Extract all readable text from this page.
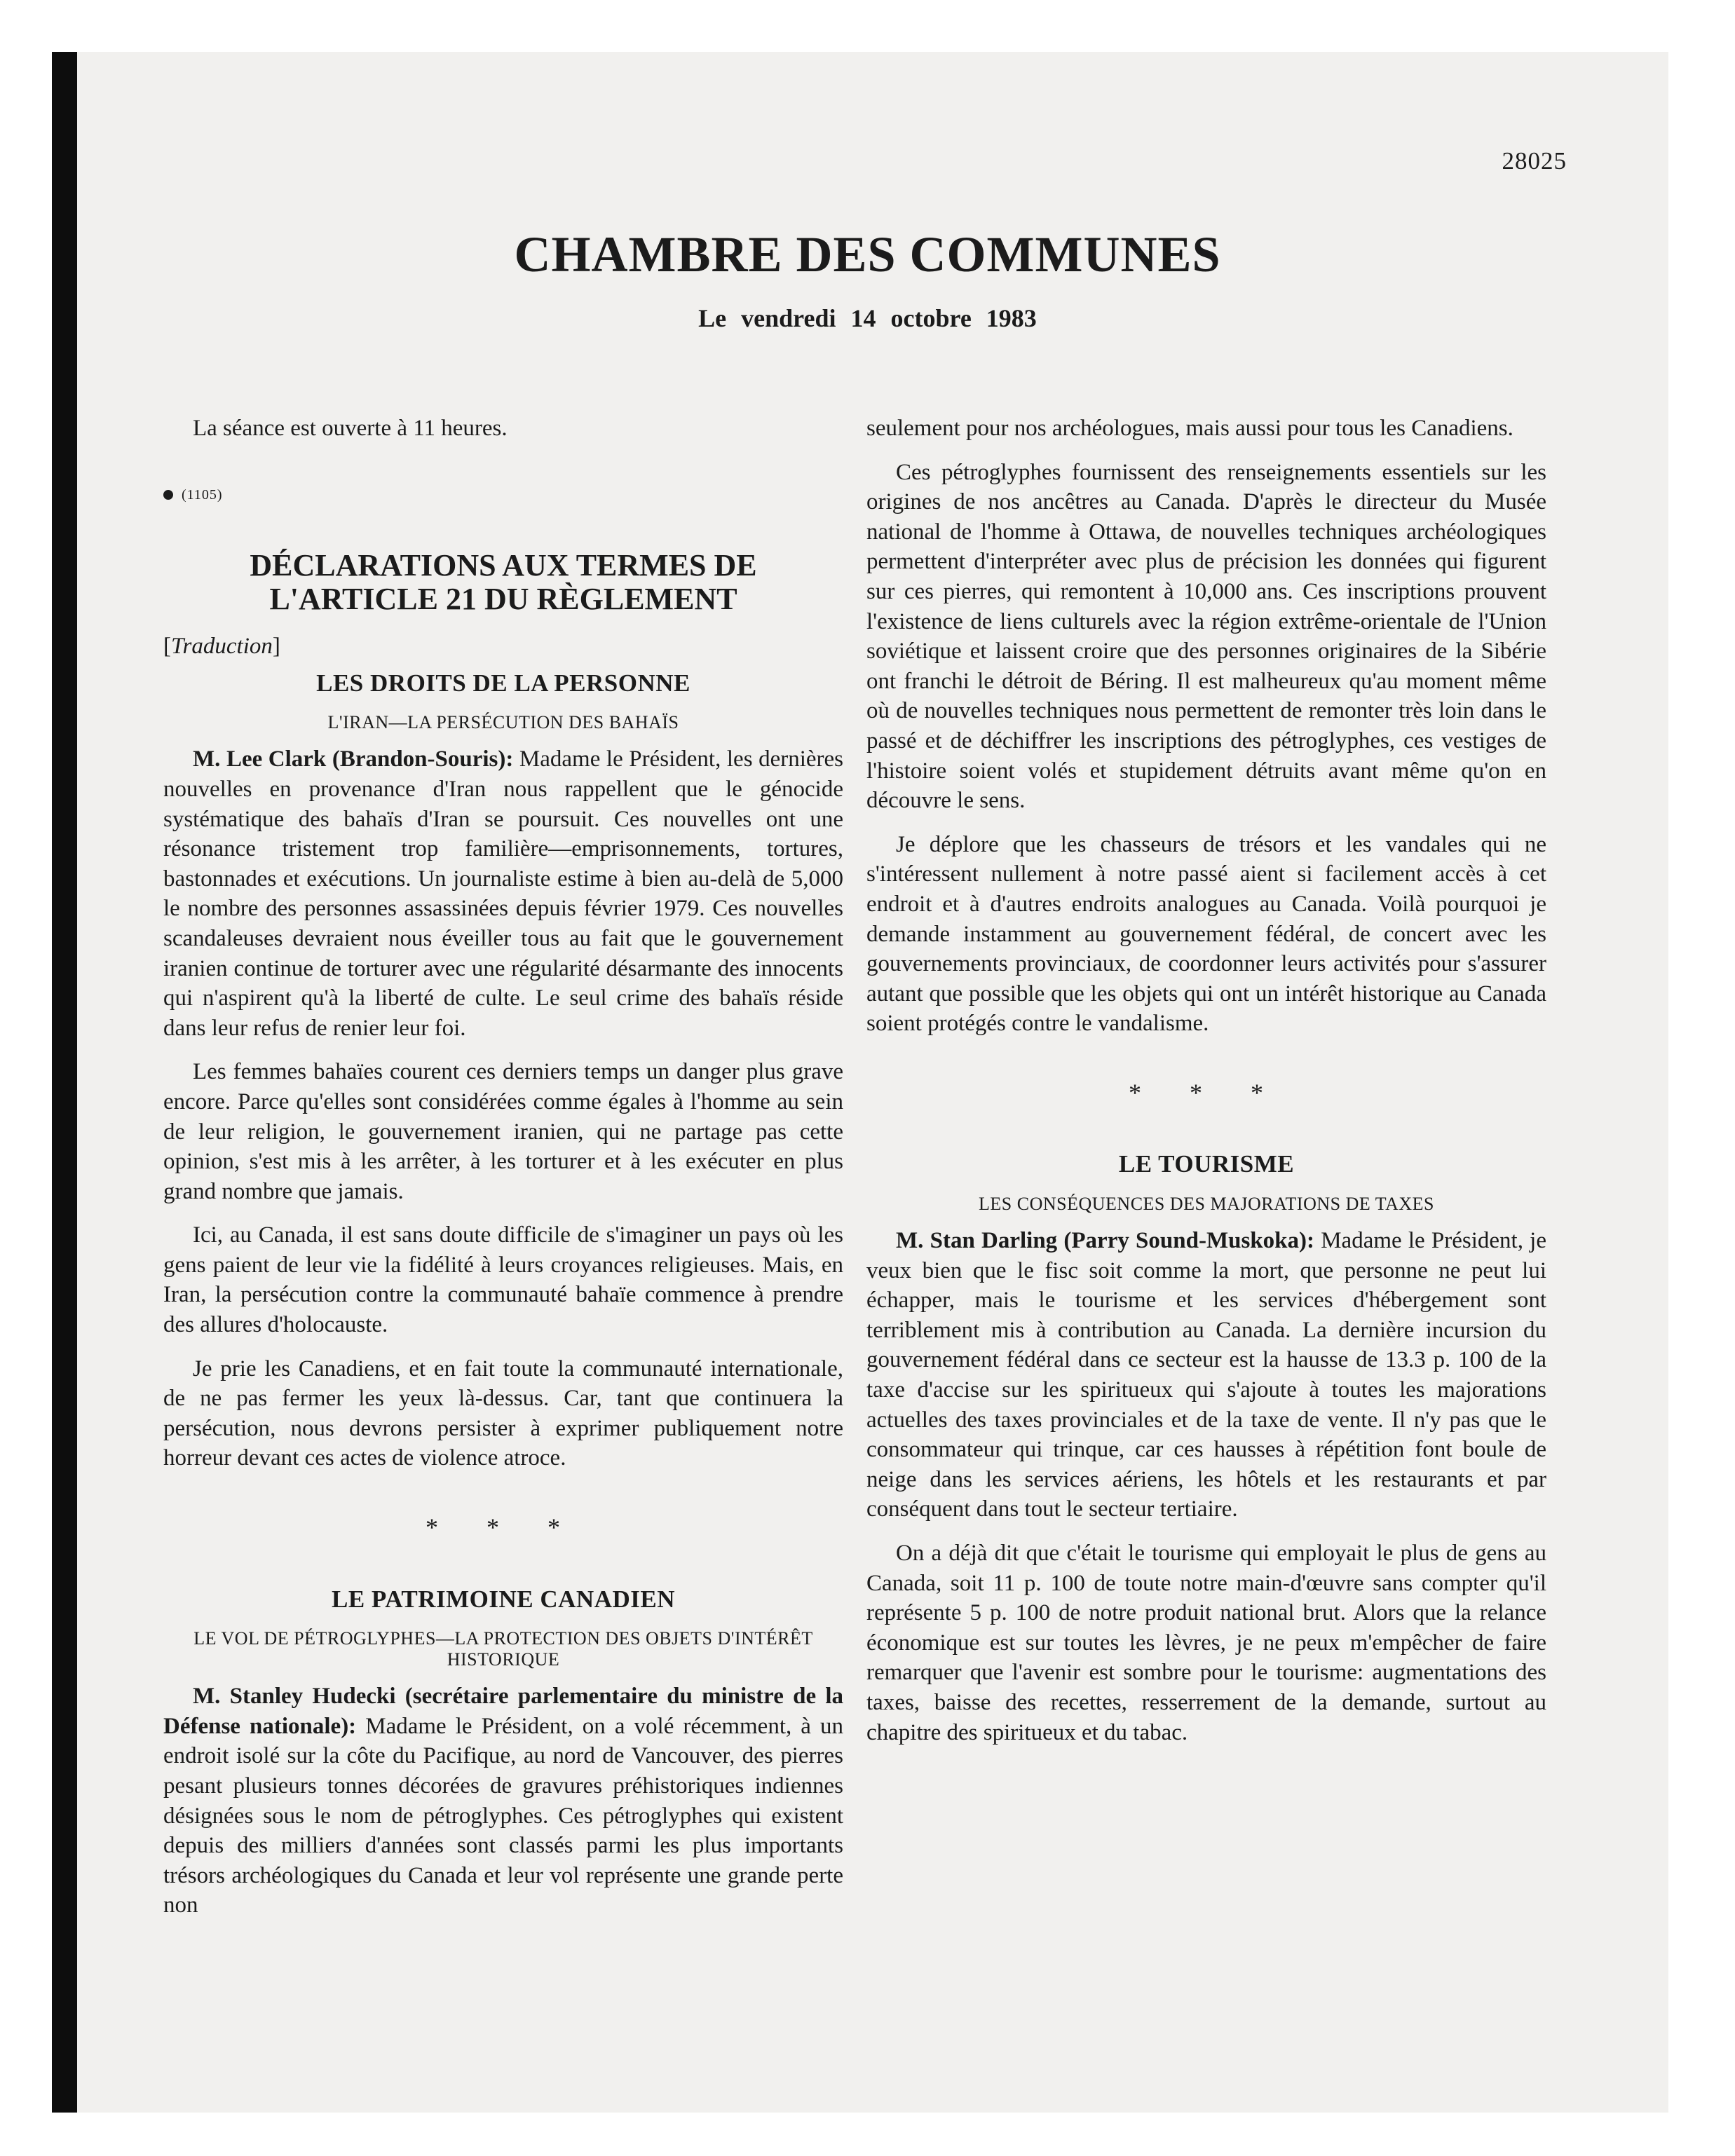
28025
CHAMBRE DES COMMUNES
Le vendredi 14 octobre 1983

La séance est ouverte à 11 heures.

(1105)
DÉCLARATIONS AUX TERMES DE
L'ARTICLE 21 DU RÈGLEMENT
[Traduction]
LES DROITS DE LA PERSONNE
L'IRAN—LA PERSÉCUTION DES BAHAÏS

M. Lee Clark (Brandon-Souris): Madame le Président, les dernières nouvelles en provenance d'Iran nous rappellent que le génocide systématique des bahaïs d'Iran se poursuit. Ces nouvelles ont une résonance tristement trop familière—emprisonnements, tortures, bastonnades et exécutions. Un journaliste estime à bien au-delà de 5,000 le nombre des personnes assassinées depuis février 1979. Ces nouvelles scandaleuses devraient nous éveiller tous au fait que le gouvernement iranien continue de torturer avec une régularité désarmante des innocents qui n'aspirent qu'à la liberté de culte. Le seul crime des bahaïs réside dans leur refus de renier leur foi.

Les femmes bahaïes courent ces derniers temps un danger plus grave encore. Parce qu'elles sont considérées comme égales à l'homme au sein de leur religion, le gouvernement iranien, qui ne partage pas cette opinion, s'est mis à les arrêter, à les torturer et à les exécuter en plus grand nombre que jamais.

Ici, au Canada, il est sans doute difficile de s'imaginer un pays où les gens paient de leur vie la fidélité à leurs croyances religieuses. Mais, en Iran, la persécution contre la communauté bahaïe commence à prendre des allures d'holocauste.

Je prie les Canadiens, et en fait toute la communauté internationale, de ne pas fermer les yeux là-dessus. Car, tant que continuera la persécution, nous devrons persister à exprimer publiquement notre horreur devant ces actes de violence atroce.

* * *
LE PATRIMOINE CANADIEN
LE VOL DE PÉTROGLYPHES—LA PROTECTION DES OBJETS D'INTÉRÊT HISTORIQUE

M. Stanley Hudecki (secrétaire parlementaire du ministre de la Défense nationale): Madame le Président, on a volé récemment, à un endroit isolé sur la côte du Pacifique, au nord de Vancouver, des pierres pesant plusieurs tonnes décorées de gravures préhistoriques indiennes désignées sous le nom de pétroglyphes. Ces pétroglyphes qui existent depuis des milliers d'années sont classés parmi les plus importants trésors archéologiques du Canada et leur vol représente une grande perte non

seulement pour nos archéologues, mais aussi pour tous les Canadiens.

Ces pétroglyphes fournissent des renseignements essentiels sur les origines de nos ancêtres au Canada. D'après le directeur du Musée national de l'homme à Ottawa, de nouvelles techniques archéologiques permettent d'interpréter avec plus de précision les données qui figurent sur ces pierres, qui remontent à 10,000 ans. Ces inscriptions prouvent l'existence de liens culturels avec la région extrême-orientale de l'Union soviétique et laissent croire que des personnes originaires de la Sibérie ont franchi le détroit de Béring. Il est malheureux qu'au moment même où de nouvelles techniques nous permettent de remonter très loin dans le passé et de déchiffrer les inscriptions des pétroglyphes, ces vestiges de l'histoire soient volés et stupidement détruits avant même qu'on en découvre le sens.

Je déplore que les chasseurs de trésors et les vandales qui ne s'intéressent nullement à notre passé aient si facilement accès à cet endroit et à d'autres endroits analogues au Canada. Voilà pourquoi je demande instamment au gouvernement fédéral, de concert avec les gouvernements provinciaux, de coordonner leurs activités pour s'assurer autant que possible que les objets qui ont un intérêt historique au Canada soient protégés contre le vandalisme.

* * *
LE TOURISME
LES CONSÉQUENCES DES MAJORATIONS DE TAXES

M. Stan Darling (Parry Sound-Muskoka): Madame le Président, je veux bien que le fisc soit comme la mort, que personne ne peut lui échapper, mais le tourisme et les services d'hébergement sont terriblement mis à contribution au Canada. La dernière incursion du gouvernement fédéral dans ce secteur est la hausse de 13.3 p. 100 de la taxe d'accise sur les spiritueux qui s'ajoute à toutes les majorations actuelles des taxes provinciales et de la taxe de vente. Il n'y pas que le consommateur qui trinque, car ces hausses à répétition font boule de neige dans les services aériens, les hôtels et les restaurants et par conséquent dans tout le secteur tertiaire.

On a déjà dit que c'était le tourisme qui employait le plus de gens au Canada, soit 11 p. 100 de toute notre main-d'œuvre sans compter qu'il représente 5 p. 100 de notre produit national brut. Alors que la relance économique est sur toutes les lèvres, je ne peux m'empêcher de faire remarquer que l'avenir est sombre pour le tourisme: augmentations des taxes, baisse des recettes, resserrement de la demande, surtout au chapitre des spiritueux et du tabac.
